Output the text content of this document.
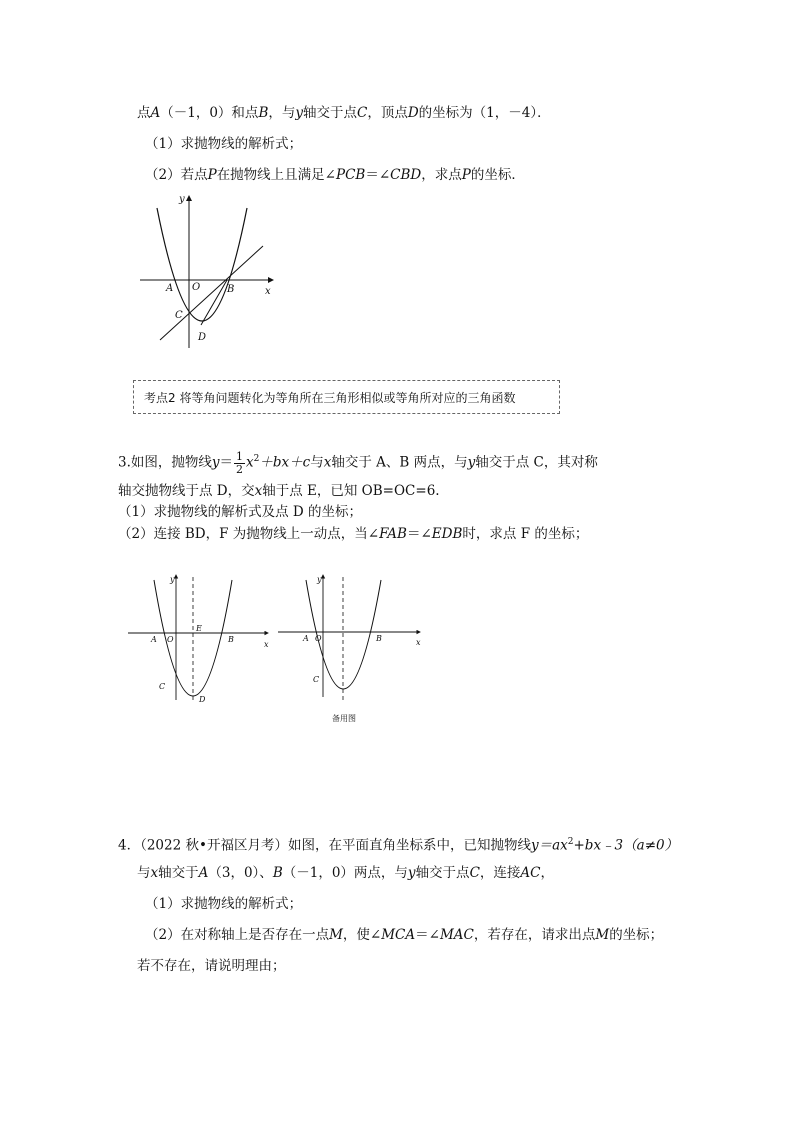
点A（－1，0）和点B，与y轴交于点C，顶点D的坐标为（1，－4）．
（1）求抛物线的解析式；
（2）若点P在抛物线上且满足∠PCB＝∠CBD，求点P的坐标．
y
x
A O	B
C
D
考点2 将等角问题转化为等角所在三角形相似或等角所对应的三角函数
3.如图，抛物线$y= \frac{1}{2} x^2+bx+c$与x轴交于 A、B 两点，与y轴交于点 C，其对称
轴交抛物线于点 D，交x轴于点 E，已知 OB=OC=6.
（1）求抛物线的解析式及点 D 的坐标；
（2）连接 BD，F 为抛物线上一动点，当∠FAB＝∠EDB时，求点 F 的坐标；
y
x
A O
E
B
C
D
y
x
A O	B
C
备用图
4．（2022 秋•开福区月考）如图，在平面直角坐标系中，已知抛物线$y=ax^2+bx﹣3(a\ne 0)$
与x轴交于A（3，0）、B（－1，0）两点，与y轴交于点C，连接AC，
（1）求抛物线的解析式；
（2）在对称轴上是否存在一点M，使∠MCA＝∠MAC，若存在，请求出点M的坐标；
若不存在，请说明理由；
